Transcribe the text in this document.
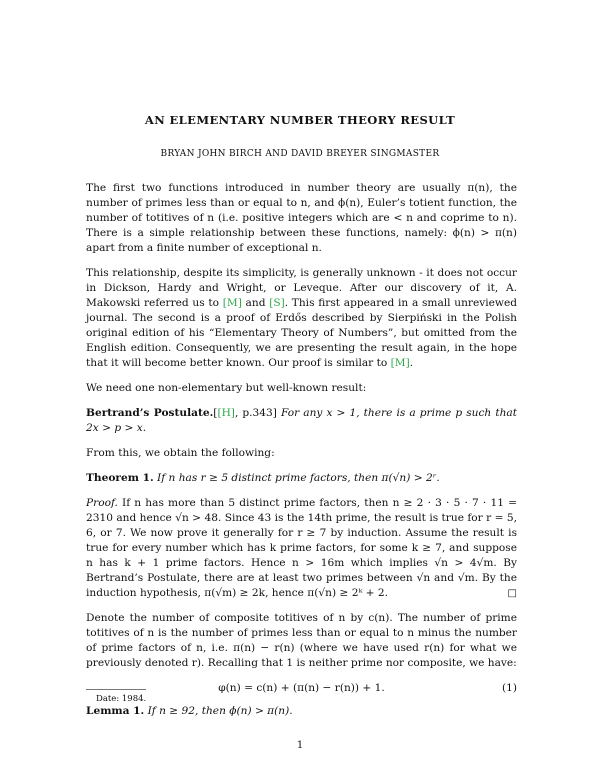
AN ELEMENTARY NUMBER THEORY RESULT
BRYAN JOHN BIRCH AND DAVID BREYER SINGMASTER

The first two functions introduced in number theory are usually π(n), the number of primes less than or equal to n, and ϕ(n), Euler’s totient function, the number of totitives of n (i.e. positive integers which are < n and coprime to n). There is a simple relationship between these functions, namely: ϕ(n) > π(n) apart from a finite number of exceptional n.

This relationship, despite its simplicity, is generally unknown - it does not occur in Dickson, Hardy and Wright, or Leveque. After our discovery of it, A. Makowski referred us to [M] and [S]. This first appeared in a small unreviewed journal. The second is a proof of Erdős described by Sierpiński in the Polish original edition of his “Elementary Theory of Numbers”, but omitted from the English edition. Consequently, we are presenting the result again, in the hope that it will become better known. Our proof is similar to [M].

We need one non-elementary but well-known result:

Bertrand’s Postulate.[[H], p.343] For any x > 1, there is a prime p such that 2x > p > x.

From this, we obtain the following:

Theorem 1. If n has r ≥ 5 distinct prime factors, then π(√n) > 2ʳ.

Proof. If n has more than 5 distinct prime factors, then n ≥ 2 · 3 · 5 · 7 · 11 = 2310 and hence √n > 48. Since 43 is the 14th prime, the result is true for r = 5, 6, or 7. We now prove it generally for r ≥ 7 by induction. Assume the result is true for every number which has k prime factors, for some k ≥ 7, and suppose n has k + 1 prime factors. Hence n > 16m which implies √n > 4√m. By Bertrand’s Postulate, there are at least two primes between √n and √m. By the induction hypothesis, π(√m) ≥ 2k, hence π(√n) ≥ 2ᵏ + 2.	□

Denote the number of composite totitives of n by c(n). The number of prime totitives of n is the number of primes less than or equal to n minus the number of prime factors of n, i.e. π(n) − r(n) (where we have used r(n) for what we previously denoted r). Recalling that 1 is neither prime nor composite, we have:

φ(n) = c(n) + (π(n) − r(n)) + 1.	(1)

Lemma 1. If n ≥ 92, then ϕ(n) > π(n).

Date: 1984.
1
